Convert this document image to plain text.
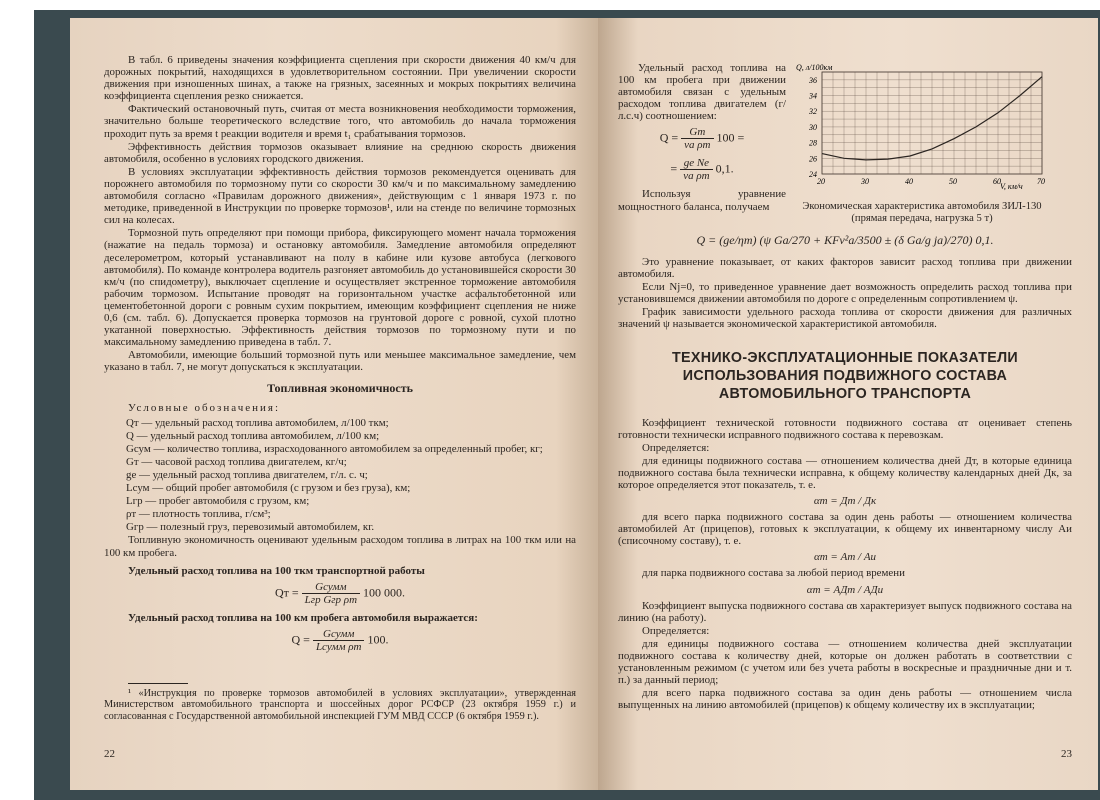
В табл. 6 приведены значения коэффициента сцепления при скорости движения 40 км/ч для дорожных покрытий, находящихся в удовлетворительном состоянии. При увеличении скорости движения при изношенных шинах, а также на грязных, засеянных и мокрых покрытиях величина коэффициента сцепления резко снижается.

Фактический остановочный путь, считая от места возникновения необходимости торможения, значительно больше теоретического вследствие того, что автомобиль до начала торможения проходит путь за время t реакции водителя и время t₁ срабатывания тормозов.

Эффективность действия тормозов оказывает влияние на среднюю скорость движения автомобиля, особенно в условиях городского движения.

В условиях эксплуатации эффективность действия тормозов рекомендуется оценивать для порожнего автомобиля по тормозному пути со скорости 30 км/ч и по максимальному замедлению автомобиля согласно «Правилам дорожного движения», действующим с 1 января 1973 г. по методике, приведенной в Инструкции по проверке тормозов¹, или на стенде по величине тормозных сил на колесах.

Тормозной путь определяют при помощи прибора, фиксирующего момент начала торможения (нажатие на педаль тормоза) и остановку автомобиля. Замедление автомобиля определяют деселерометром, который устанавливают на полу в кабине или кузове автобуса (легкового автомобиля). По команде контролера водитель разгоняет автомобиль до установившейся скорости 30 км/ч (по спидометру), выключает сцепление и осуществляет экстренное торможение автомобиля рабочим тормозом. Испытание проводят на горизонтальном участке асфальтобетонной или цементобетонной дороги с ровным сухим покрытием, имеющим коэффициент сцепления не ниже 0,6 (см. табл. 6). Допускается проверка тормозов на грунтовой дороге с ровной, сухой плотно укатанной поверхностью. Эффективность действия тормозов по тормозному пути и по максимальному замедлению приведена в табл. 7.

Автомобили, имеющие больший тормозной путь или меньшее максимальное замедление, чем указано в табл. 7, не могут допускаться к эксплуатации.

Топливная экономичность

Условные обозначения:

Qт — удельный расход топлива автомобилем, л/100 ткм;
Q — удельный расход топлива автомобилем, л/100 км;
Gсум — количество топлива, израсходованного автомобилем за определенный пробег, кг;
Gт — часовой расход топлива двигателем, кг/ч;
gе — удельный расход топлива двигателем, г/л. с. ч;
Lсум — общий пробег автомобиля (с грузом и без груза), км;
Lгр — пробег автомобиля с грузом, км;
ρт — плотность топлива, г/см³;
Gгр — полезный груз, перевозимый автомобилем, кг.

Топливную экономичность оценивают удельным расходом топлива в литрах на 100 ткм или на 100 км пробега.

Удельный расход топлива на 100 ткм транспортной работы

Qт = $\frac{\text{Gсумм}}{\text{Lгр Gгр ρт}} 100$ 000.

Удельный расход топлива на 100 км пробега автомобиля выражается:

$Q = \frac{\text{Gсумм}}{\text{Lсумм ρт}} 100$.

¹ «Инструкция по проверке тормозов автомобилей в условиях эксплуатации», утвержденная Министерством автомобильного транспорта и шоссейных дорог РСФСР (23 октября 1959 г.) и согласованная с Государственной автомобильной инспекцией ГУМ МВД СССР (6 октября 1959 г.).

22

Удельный расход топлива на 100 км пробега при движении автомобиля связан с удельным расходом топлива двигателем (г/л.с.ч) соотношением:

$Q = \frac{Gт}{\text{vа ρт}} 100$ =
= $\frac{\text{gе Nе}}{\text{vа ρт}} 0,1$.

Используя уравнение мощностного баланса, получаем

20	30	40	50	60	70
24
26
28
30
32
34
36
Q, л/100км
V, км/ч

Экономическая характеристика автомобиля ЗИЛ-130 (прямая передача, нагрузка 5 т)

Q = (gе/ηт) (ψ Gа/270 + KFv²а/3500 ± (δ Gа/g jа)/270) 0,1.

Это уравнение показывает, от каких факторов зависит расход топлива при движении автомобиля.

Если Nj=0, то приведенное уравнение дает возможность определить расход топлива при установившемся движении автомобиля по дороге с определенным сопротивлением ψ.

График зависимости удельного расхода топлива от скорости движения для различных значений ψ называется экономической характеристикой автомобиля.

ТЕХНИКО-ЭКСПЛУАТАЦИОННЫЕ ПОКАЗАТЕЛИ ИСПОЛЬЗОВАНИЯ ПОДВИЖНОГО СОСТАВА АВТОМОБИЛЬНОГО ТРАНСПОРТА

Коэффициент технической готовности подвижного состава αт оценивает степень готовности технически исправного подвижного состава к перевозкам.

Определяется:

для единицы подвижного состава — отношением количества дней Дт, в которые единица подвижного состава была технически исправна, к общему количеству календарных дней Дк, за которое определяется этот показатель, т. е.

αт = Дт / Дк

для всего парка подвижного состава за один день работы — отношением количества автомобилей Ат (прицепов), готовых к эксплуатации, к общему их инвентарному числу Аи (списочному составу), т. е.

αт = Ат / Аи

для парка подвижного состава за любой период времени

αт = АДт / АДи

Коэффициент выпуска подвижного состава αв характеризует выпуск подвижного состава на линию (на работу).

Определяется:

для единицы подвижного состава — отношением количества дней эксплуатации подвижного состава к количеству дней, которые он должен работать в соответствии с установленным режимом (с учетом или без учета работы в воскресные и праздничные дни и т. п.) за данный период;

для всего парка подвижного состава за один день работы — отношением числа выпущенных на линию автомобилей (прицепов) к общему количеству их в эксплуатации;

23
